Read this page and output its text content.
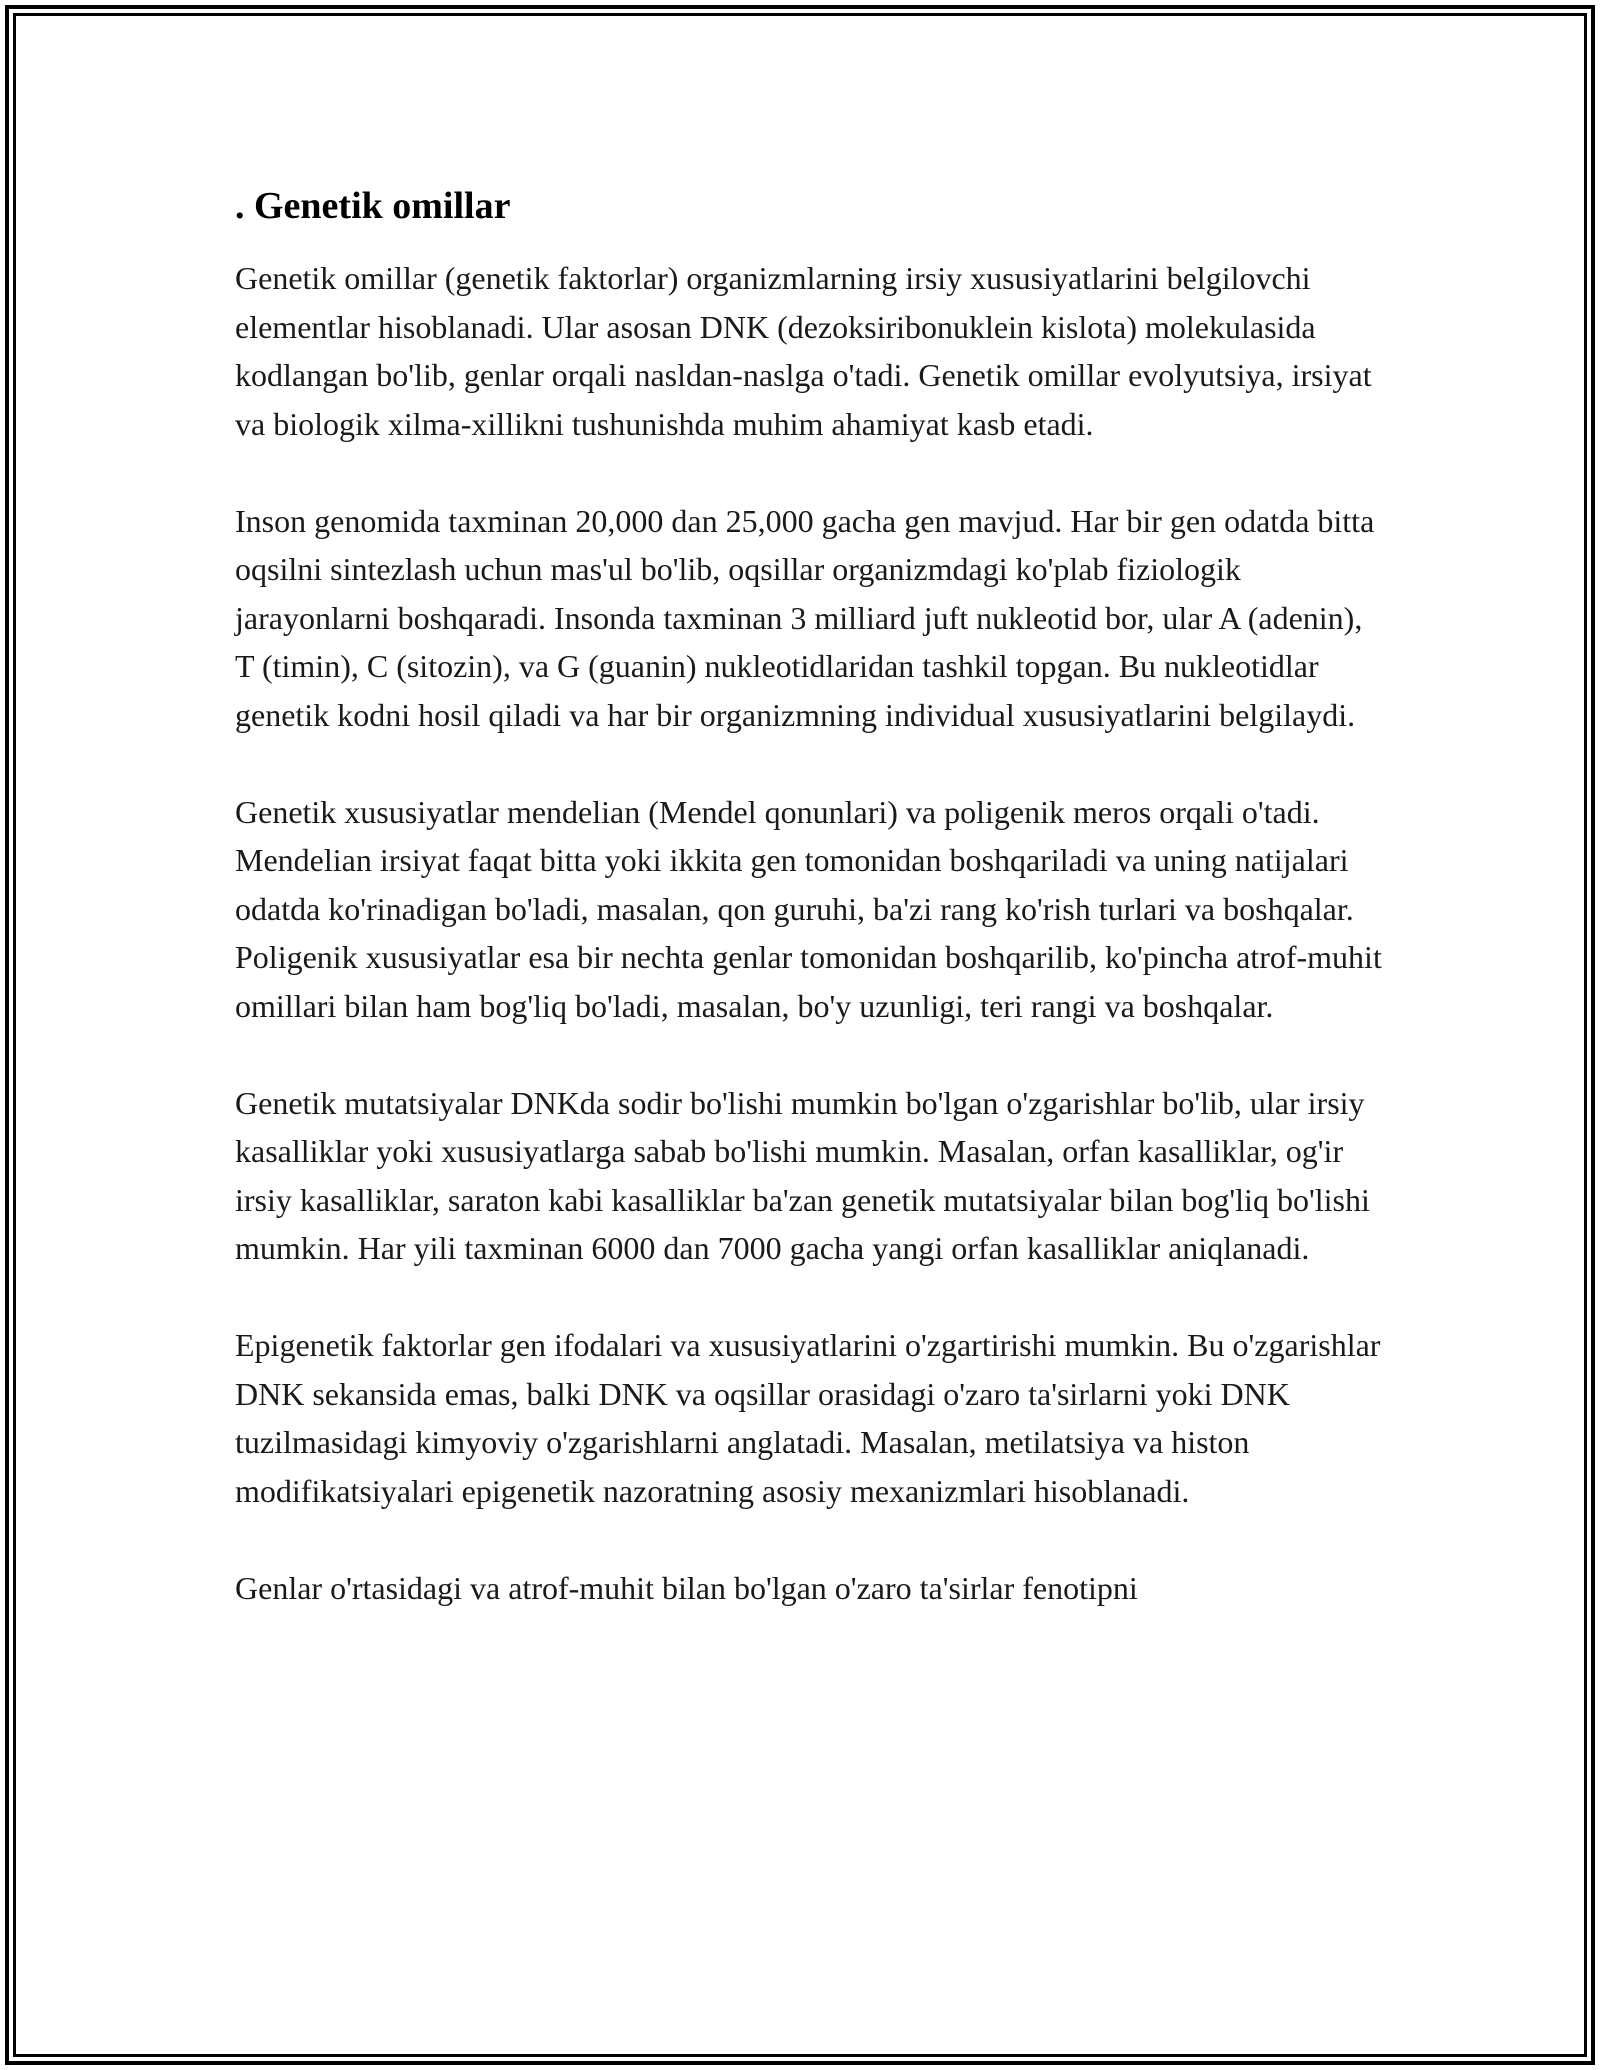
. Genetik omillar

Genetik omillar (genetik faktorlar) organizmlarning irsiy xususiyatlarini belgilovchi elementlar hisoblanadi. Ular asosan DNK (dezoksiribonuklein kislota) molekulasida kodlangan bo'lib, genlar orqali nasldan-naslga o'tadi. Genetik omillar evolyutsiya, irsiyat va biologik xilma-xillikni tushunishda muhim ahamiyat kasb etadi.

Inson genomida taxminan 20,000 dan 25,000 gacha gen mavjud. Har bir gen odatda bitta oqsilni sintezlash uchun mas'ul bo'lib, oqsillar organizmdagi ko'plab fiziologik jarayonlarni boshqaradi. Insonda taxminan 3 milliard juft nukleotid bor, ular A (adenin), T (timin), C (sitozin), va G (guanin) nukleotidlaridan tashkil topgan. Bu nukleotidlar genetik kodni hosil qiladi va har bir organizmning individual xususiyatlarini belgilaydi.

Genetik xususiyatlar mendelian (Mendel qonunlari) va poligenik meros orqali o'tadi. Mendelian irsiyat faqat bitta yoki ikkita gen tomonidan boshqariladi va uning natijalari odatda ko'rinadigan bo'ladi, masalan, qon guruhi, ba'zi rang ko'rish turlari va boshqalar. Poligenik xususiyatlar esa bir nechta genlar tomonidan boshqarilib, ko'pincha atrof-muhit omillari bilan ham bog'liq bo'ladi, masalan, bo'y uzunligi, teri rangi va boshqalar.

Genetik mutatsiyalar DNKda sodir bo'lishi mumkin bo'lgan o'zgarishlar bo'lib, ular irsiy kasalliklar yoki xususiyatlarga sabab bo'lishi mumkin. Masalan, orfan kasalliklar, og'ir irsiy kasalliklar, saraton kabi kasalliklar ba'zan genetik mutatsiyalar bilan bog'liq bo'lishi mumkin. Har yili taxminan 6000 dan 7000 gacha yangi orfan kasalliklar aniqlanadi.

Epigenetik faktorlar gen ifodalari va xususiyatlarini o'zgartirishi mumkin. Bu o'zgarishlar DNK sekansida emas, balki DNK va oqsillar orasidagi o'zaro ta'sirlarni yoki DNK tuzilmasidagi kimyoviy o'zgarishlarni anglatadi. Masalan, metilatsiya va histon modifikatsiyalari epigenetik nazoratning asosiy mexanizmlari hisoblanadi.

Genlar o'rtasidagi va atrof-muhit bilan bo'lgan o'zaro ta'sirlar fenotipni
